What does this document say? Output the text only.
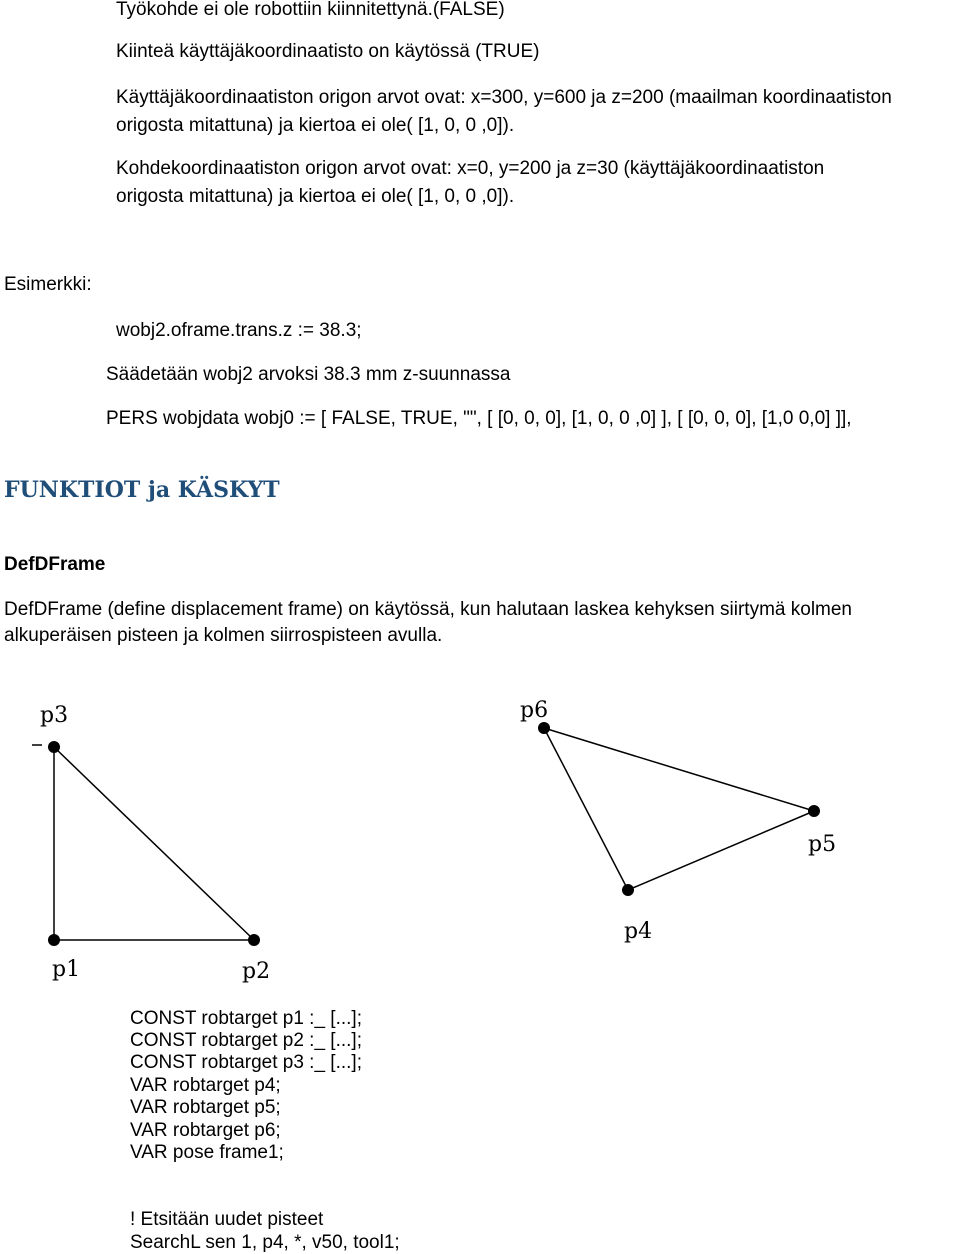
Työkohde ei ole robottiin kiinnitettynä.(FALSE)

Kiinteä käyttäjäkoordinaatisto on käytössä (TRUE)

Käyttäjäkoordinaatiston origon arvot ovat: x=300, y=600 ja z=200 (maailman koordinaatiston

origosta mitattuna) ja kiertoa ei ole( [1, 0, 0 ,0]).

Kohdekoordinaatiston origon arvot ovat: x=0, y=200 ja z=30 (käyttäjäkoordinaatiston

origosta mitattuna) ja kiertoa ei ole( [1, 0, 0 ,0]).

Esimerkki:

wobj2.oframe.trans.z := 38.3;

Säädetään wobj2 arvoksi 38.3 mm z-suunnassa

PERS wobjdata wobj0 := [ FALSE, TRUE, "", [ [0, 0, 0], [1, 0, 0 ,0] ], [ [0, 0, 0], [1,0 0,0] ]],

FUNKTIOT ja KÄSKYT

DefDFrame

DefDFrame (define displacement frame) on käytössä, kun halutaan laskea kehyksen siirtymä kolmen

alkuperäisen pisteen ja kolmen siirrospisteen avulla.

p3
p1	p2
p6
p5
p4
CONST robtarget p1 :_ [...];
CONST robtarget p2 :_ [...];
CONST robtarget p3 :_ [...];
VAR robtarget p4;
VAR robtarget p5;
VAR robtarget p6;
VAR pose frame1;
! Etsitään uudet pisteet
SearchL sen 1, p4, *, v50, tool1;
